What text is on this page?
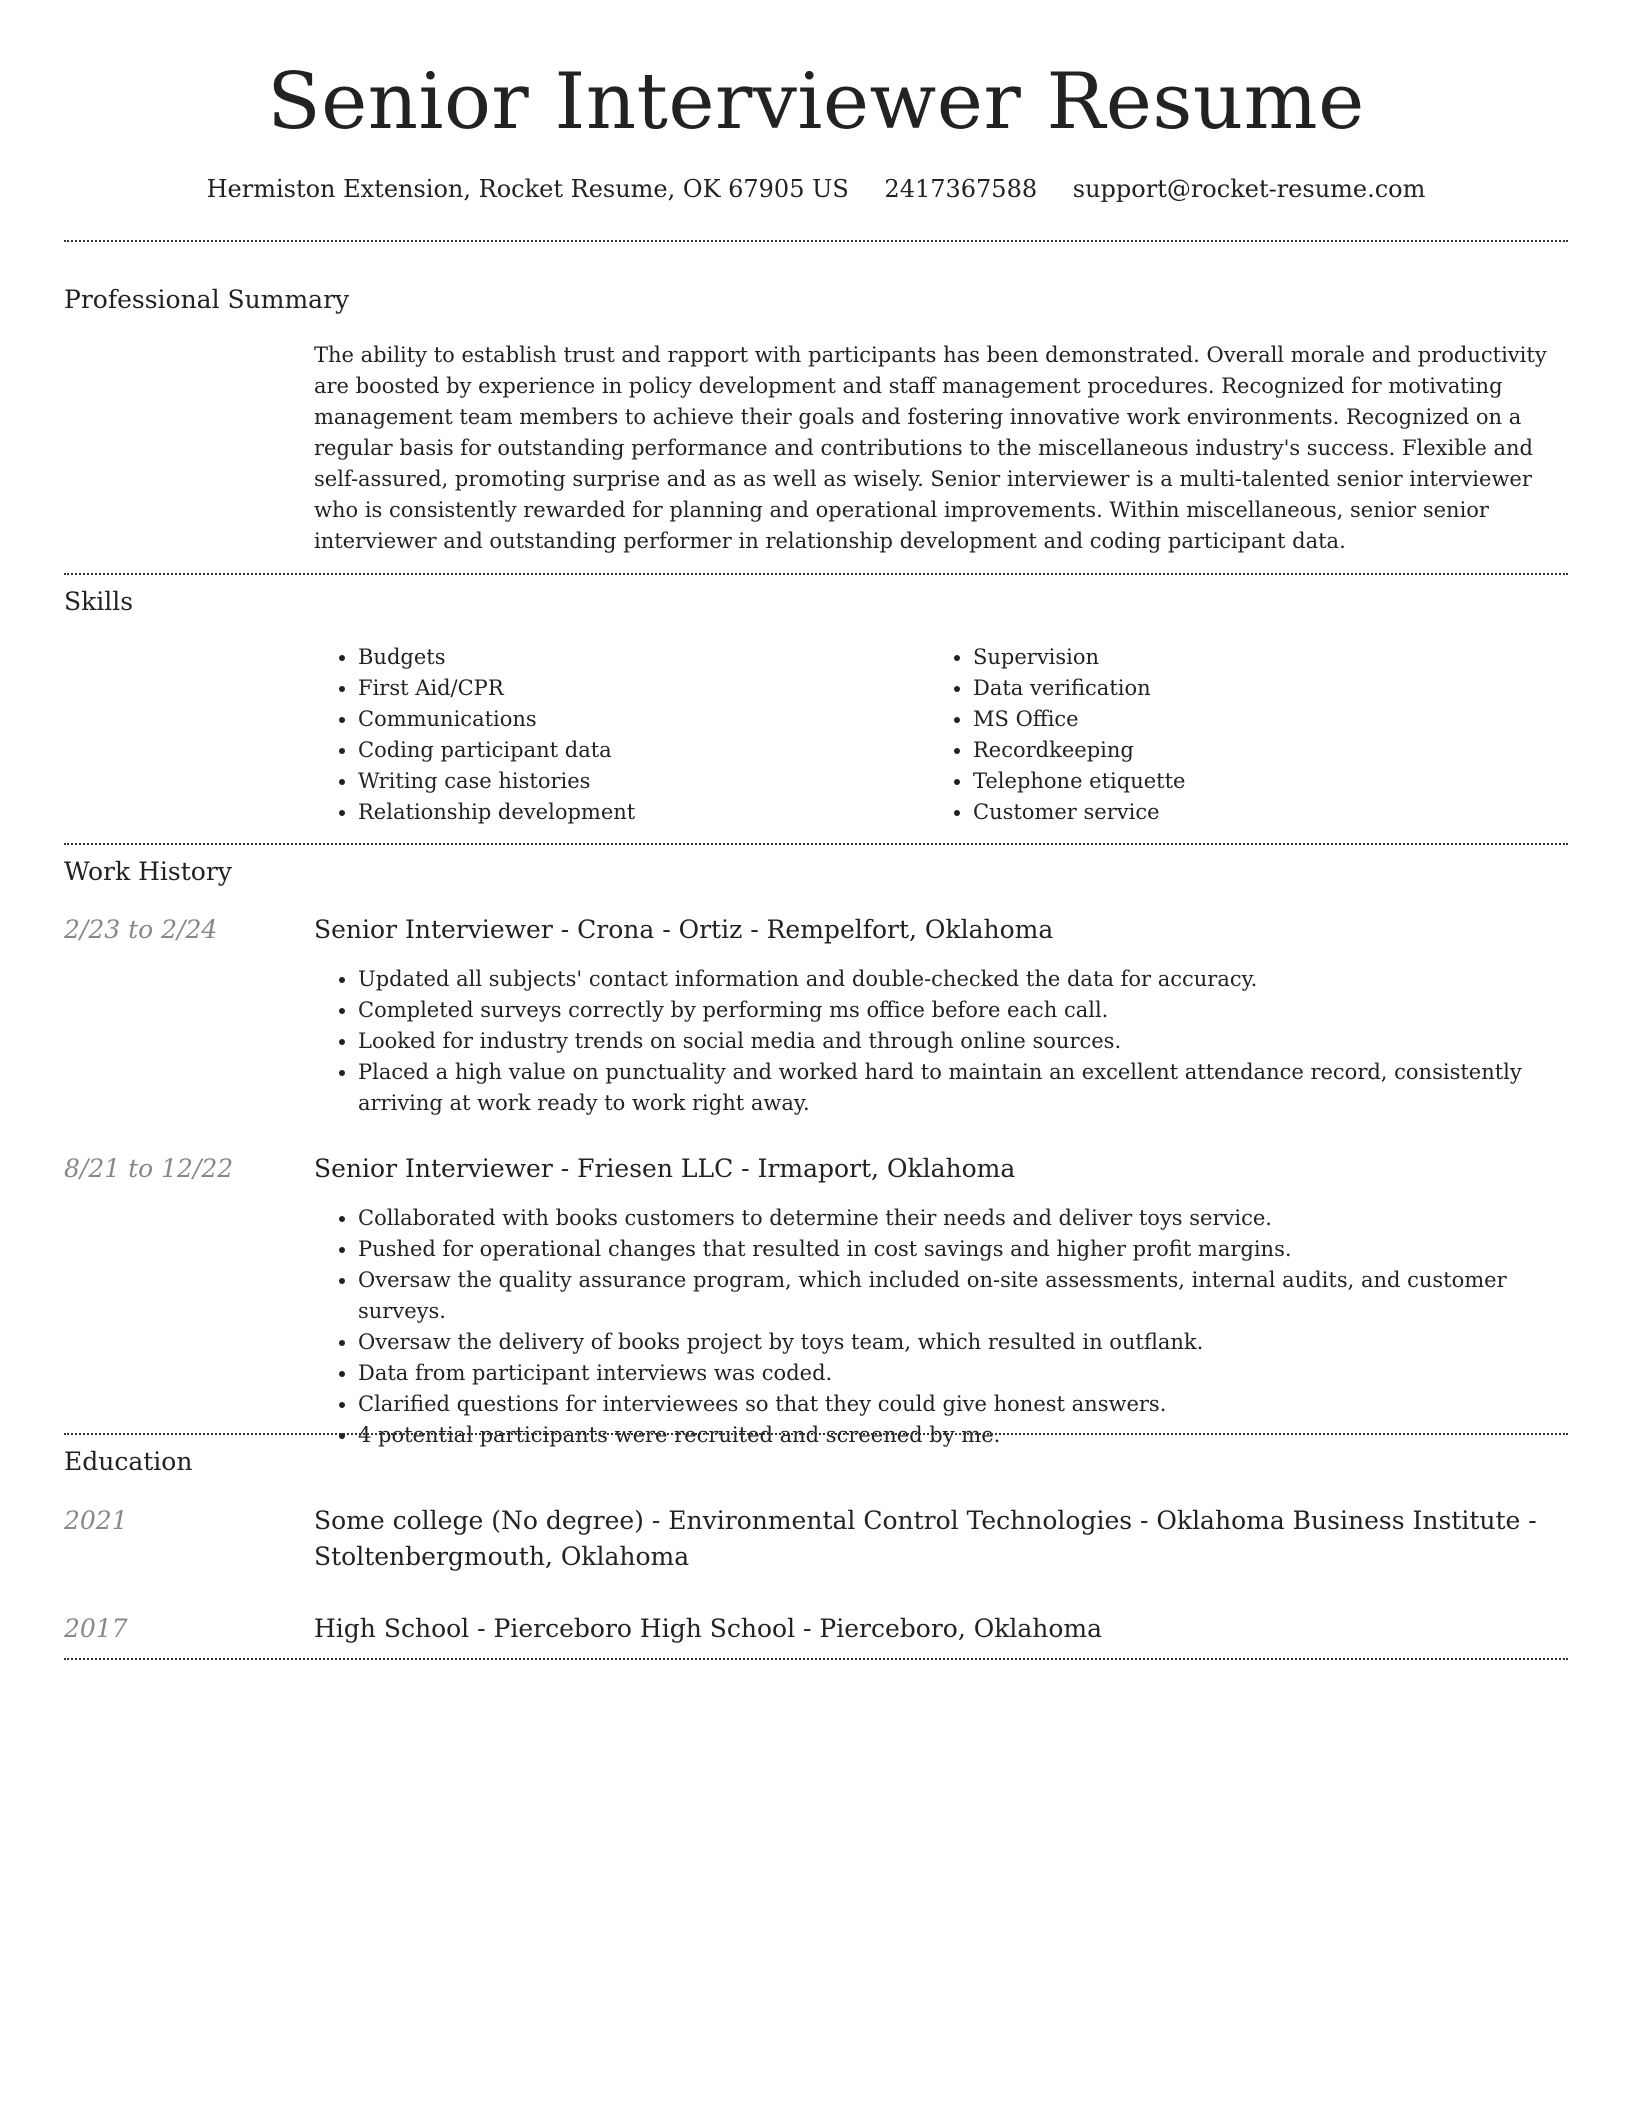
Senior Interviewer Resume
Hermiston Extension, Rocket Resume, OK 67905 US 2417367588 support@rocket-resume.com
Professional Summary

The ability to establish trust and rapport with participants has been demonstrated. Overall morale and productivity are boosted by experience in policy development and staff management procedures. Recognized for motivating management team members to achieve their goals and fostering innovative work environments. Recognized on a regular basis for outstanding performance and contributions to the miscellaneous industry's success. Flexible and self-assured, promoting surprise and as as well as wisely. Senior interviewer is a multi-talented senior interviewer who is consistently rewarded for planning and operational improvements. Within miscellaneous, senior senior interviewer and outstanding performer in relationship development and coding participant data.

Skills
• Budgets
• First Aid/CPR
• Communications
• Coding participant data
• Writing case histories
• Relationship development
• Supervision
• Data verification
• MS Office
• Recordkeeping
• Telephone etiquette
• Customer service
Work History
2/23 to 2/24	Senior Interviewer - Crona - Ortiz - Rempelfort, Oklahoma
• Updated all subjects' contact information and double-checked the data for accuracy.
• Completed surveys correctly by performing ms office before each call.
• Looked for industry trends on social media and through online sources.
• Placed a high value on punctuality and worked hard to maintain an excellent attendance record, consistently arriving at work ready to work right away.
8/21 to 12/22	Senior Interviewer - Friesen LLC - Irmaport, Oklahoma
• Collaborated with books customers to determine their needs and deliver toys service.
• Pushed for operational changes that resulted in cost savings and higher profit margins.
• Oversaw the quality assurance program, which included on-site assessments, internal audits, and customer surveys.
• Oversaw the delivery of books project by toys team, which resulted in outflank.
• Data from participant interviews was coded.
• Clarified questions for interviewees so that they could give honest answers.
• 4 potential participants were recruited and screened by me.
Education
2021	Some college (No degree) - Environmental Control Technologies - Oklahoma Business Institute - Stoltenbergmouth, Oklahoma
2017	High School - Pierceboro High School - Pierceboro, Oklahoma
